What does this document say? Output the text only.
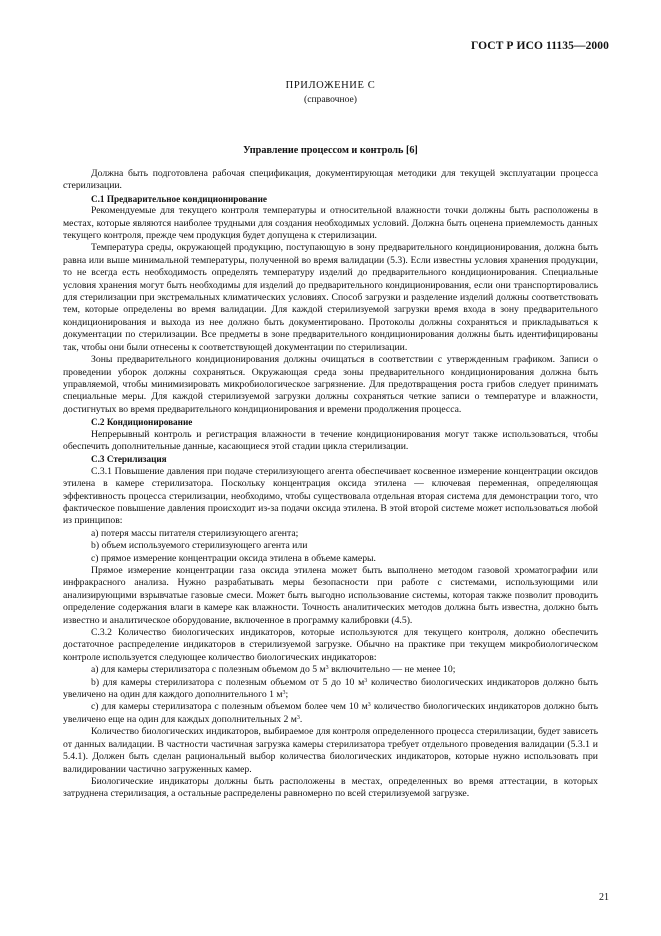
ГОСТ Р ИСО 11135—2000
ПРИЛОЖЕНИЕ С
(справочное)
Управление процессом и контроль [6]

Должна быть подготовлена рабочая спецификация, документирующая методики для текущей эксплуатации процесса стерилизации.

С.1 Предварительное кондиционирование

Рекомендуемые для текущего контроля температуры и относительной влажности точки должны быть расположены в местах, которые являются наиболее трудными для создания необходимых условий. Должна быть оценена приемлемость данных текущего контроля, прежде чем продукция будет допущена к стерилизации.

Температура среды, окружающей продукцию, поступающую в зону предварительного кондиционирования, должна быть равна или выше минимальной температуры, полученной во время валидации (5.3). Если известны условия хранения продукции, то не всегда есть необходимость определять температуру изделий до предварительного кондиционирования. Специальные условия хранения могут быть необходимы для изделий до предварительного кондиционирования, если они транспортировались для стерилизации при экстремальных климатических условиях. Способ загрузки и разделение изделий должны соответствовать тем, которые определены во время валидации. Для каждой стерилизуемой загрузки время входа в зону предварительного кондиционирования и выхода из нее должно быть документировано. Протоколы должны сохраняться и прикладываться к документации по стерилизации. Все предметы в зоне предварительного кондиционирования должны быть идентифицированы так, чтобы они были отнесены к соответствующей документации по стерилизации.

Зоны предварительного кондиционирования должны очищаться в соответствии с утвержденным графиком. Записи о проведении уборок должны сохраняться. Окружающая среда зоны предварительного кондиционирования должна быть управляемой, чтобы минимизировать микробиологическое загрязнение. Для предотвращения роста грибов следует принимать специальные меры. Для каждой стерилизуемой загрузки должны сохраняться четкие записи о температуре и влажности, достигнутых во время предварительного кондиционирования и времени продолжения процесса.

С.2 Кондиционирование

Непрерывный контроль и регистрация влажности в течение кондиционирования могут также использоваться, чтобы обеспечить дополнительные данные, касающиеся этой стадии цикла стерилизации.

С.3 Стерилизация

С.3.1 Повышение давления при подаче стерилизующего агента обеспечивает косвенное измерение концентрации оксидов этилена в камере стерилизатора. Поскольку концентрация оксида этилена — ключевая переменная, определяющая эффективность процесса стерилизации, необходимо, чтобы существовала отдельная вторая система для демонстрации того, что фактическое повышение давления происходит из-за подачи оксида этилена. В этой второй системе может использоваться любой из принципов:

а) потеря массы питателя стерилизующего агента;
b) объем используемого стерилизующего агента или
с) прямое измерение концентрации оксида этилена в объеме камеры.

Прямое измерение концентрации газа оксида этилена может быть выполнено методом газовой хроматографии или инфракрасного анализа. Нужно разрабатывать меры безопасности при работе с системами, использующими или анализирующими взрывчатые газовые смеси. Может быть выгодно использование системы, которая также позволит проводить определение содержания влаги в камере как влажности. Точность аналитических методов должна быть известна, должно быть известно и аналитическое оборудование, включенное в программу калибровки (4.5).

С.3.2 Количество биологических индикаторов, которые используются для текущего контроля, должно обеспечить достаточное распределение индикаторов в стерилизуемой загрузке. Обычно на практике при текущем микробиологическом контроле используется следующее количество биологических индикаторов:

а) для камеры стерилизатора с полезным объемом до 5 $м^3$ включительно — не менее 10;

b) для камеры стерилизатора с полезным объемом от 5 до 10 $м^3$ количество биологических индикаторов должно быть увеличено на один для каждого дополнительного 1 $м^3$;

с) для камеры стерилизатора с полезным объемом более чем 10 $м^3$ количество биологических индикаторов должно быть увеличено еще на один для каждых дополнительных 2 $м^3$.

Количество биологических индикаторов, выбираемое для контроля определенного процесса стерилизации, будет зависеть от данных валидации. В частности частичная загрузка камеры стерилизатора требует отдельного проведения валидации (5.3.1 и 5.4.1). Должен быть сделан рациональный выбор количества биологических индикаторов, которые нужно использовать при валидировании частично загруженных камер.

Биологические индикаторы должны быть расположены в местах, определенных во время аттестации, в которых затруднена стерилизация, а остальные распределены равномерно по всей стерилизуемой загрузке.

21
